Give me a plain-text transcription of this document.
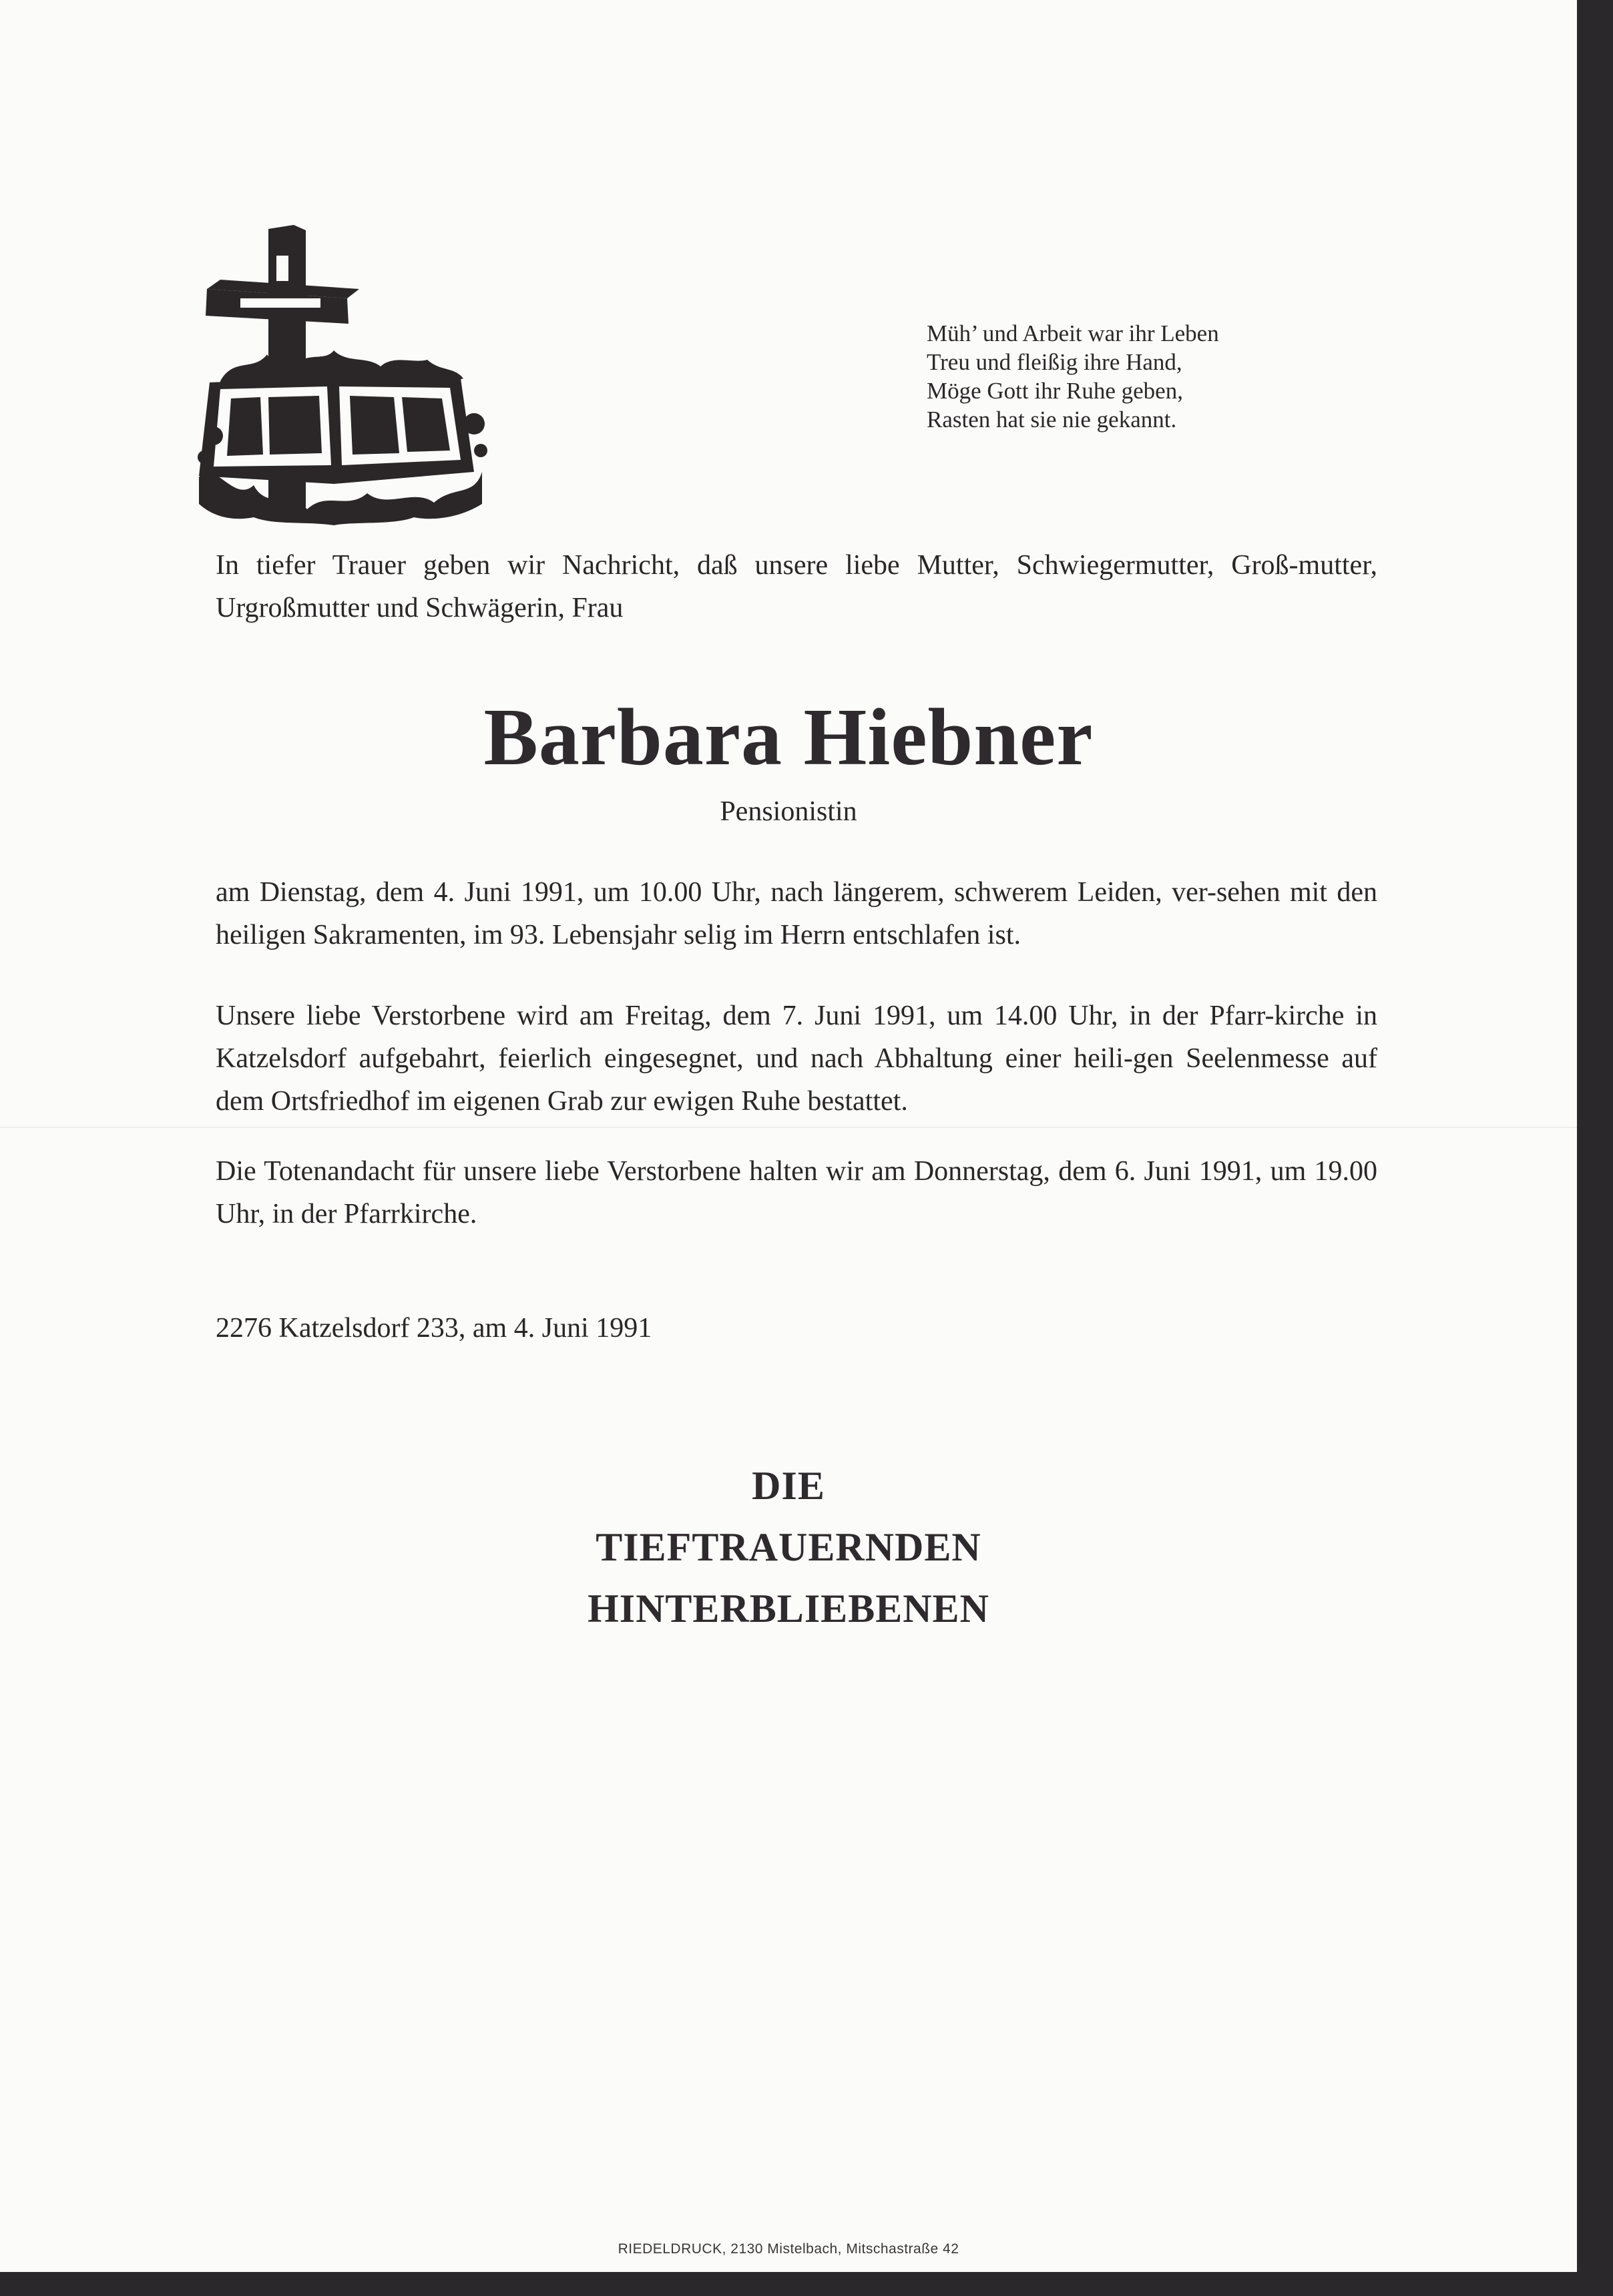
Müh’ und Arbeit war ihr Leben
Treu und fleißig ihre Hand,
Möge Gott ihr Ruhe geben,
Rasten hat sie nie gekannt.

In tiefer Trauer geben wir Nachricht, daß unsere liebe Mutter, Schwiegermutter, Groß-mutter, Urgroßmutter und Schwägerin, Frau

Barbara Hiebner
Pensionistin

am Dienstag, dem 4. Juni 1991, um 10.00 Uhr, nach längerem, schwerem Leiden, ver-sehen mit den heiligen Sakramenten, im 93. Lebensjahr selig im Herrn entschlafen ist.

Unsere liebe Verstorbene wird am Freitag, dem 7. Juni 1991, um 14.00 Uhr, in der Pfarr-kirche in Katzelsdorf aufgebahrt, feierlich eingesegnet, und nach Abhaltung einer heili-gen Seelenmesse auf dem Ortsfriedhof im eigenen Grab zur ewigen Ruhe bestattet.

Die Totenandacht für unsere liebe Verstorbene halten wir am Donnerstag, dem 6. Juni 1991, um 19.00 Uhr, in der Pfarrkirche.

2276 Katzelsdorf 233, am 4. Juni 1991
DIE
TIEFTRAUERNDEN
HINTERBLIEBENEN
RIEDELDRUCK, 2130 Mistelbach, Mitschastraße 42
